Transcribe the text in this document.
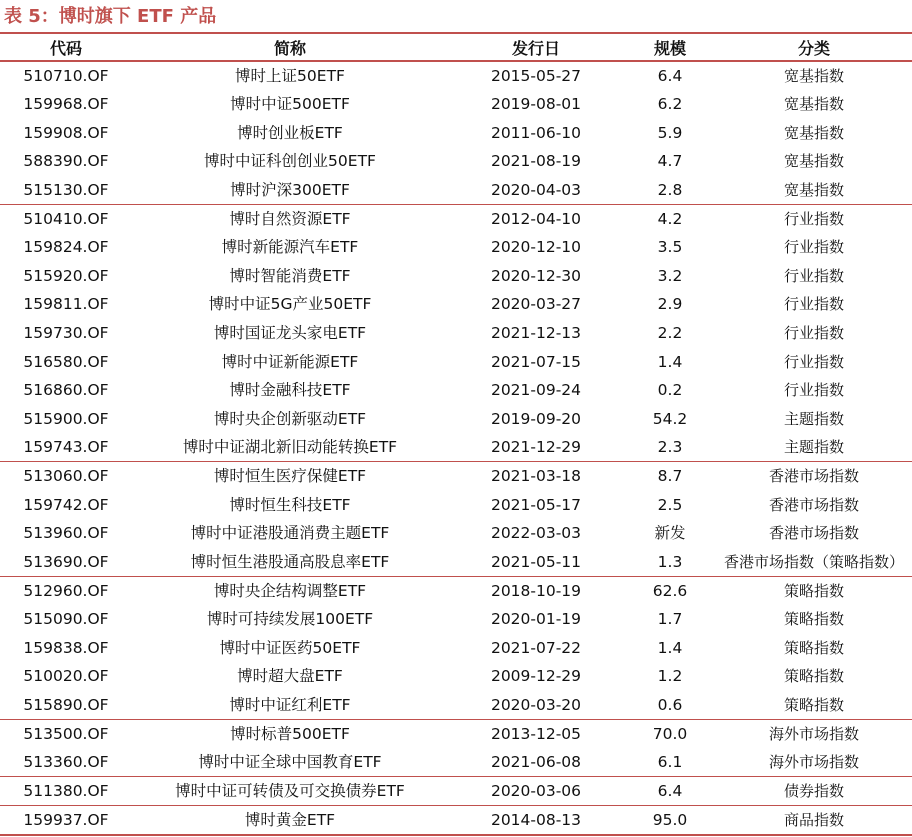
表 5：博时旗下 ETF 产品
代码	简称	发行日	规模	分类
510710.OF	博时上证50ETF	2015-05-27	6.4	宽基指数
159968.OF	博时中证500ETF	2019-08-01	6.2	宽基指数
159908.OF	博时创业板ETF	2011-06-10	5.9	宽基指数
588390.OF	博时中证科创创业50ETF	2021-08-19	4.7	宽基指数
515130.OF	博时沪深300ETF	2020-04-03	2.8	宽基指数
510410.OF	博时自然资源ETF	2012-04-10	4.2	行业指数
159824.OF	博时新能源汽车ETF	2020-12-10	3.5	行业指数
515920.OF	博时智能消费ETF	2020-12-30	3.2	行业指数
159811.OF	博时中证5G产业50ETF	2020-03-27	2.9	行业指数
159730.OF	博时国证龙头家电ETF	2021-12-13	2.2	行业指数
516580.OF	博时中证新能源ETF	2021-07-15	1.4	行业指数
516860.OF	博时金融科技ETF	2021-09-24	0.2	行业指数
515900.OF	博时央企创新驱动ETF	2019-09-20	54.2	主题指数
159743.OF	博时中证湖北新旧动能转换ETF	2021-12-29	2.3	主题指数
513060.OF	博时恒生医疗保健ETF	2021-03-18	8.7	香港市场指数
159742.OF	博时恒生科技ETF	2021-05-17	2.5	香港市场指数
513960.OF	博时中证港股通消费主题ETF	2022-03-03	新发	香港市场指数
513690.OF	博时恒生港股通高股息率ETF	2021-05-11	1.3	香港市场指数（策略指数）
512960.OF	博时央企结构调整ETF	2018-10-19	62.6	策略指数
515090.OF	博时可持续发展100ETF	2020-01-19	1.7	策略指数
159838.OF	博时中证医药50ETF	2021-07-22	1.4	策略指数
510020.OF	博时超大盘ETF	2009-12-29	1.2	策略指数
515890.OF	博时中证红利ETF	2020-03-20	0.6	策略指数
513500.OF	博时标普500ETF	2013-12-05	70.0	海外市场指数
513360.OF	博时中证全球中国教育ETF	2021-06-08	6.1	海外市场指数
511380.OF	博时中证可转债及可交换债券ETF	2020-03-06	6.4	债券指数
159937.OF	博时黄金ETF	2014-08-13	95.0	商品指数
